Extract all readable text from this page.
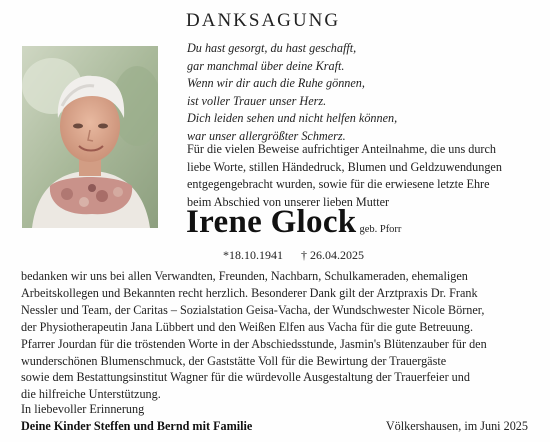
DANKSAGUNG
Du hast gesorgt, du hast geschafft,
gar manchmal über deine Kraft.
Wenn wir dir auch die Ruhe gönnen,
ist voller Trauer unser Herz.
Dich leiden sehen und nicht helfen können,
war unser allergrößter Schmerz.
Für die vielen Beweise aufrichtiger Anteilnahme, die uns durch
liebe Worte, stillen Händedruck, Blumen und Geldzuwendungen
entgegengebracht wurden, sowie für die erwiesene letzte Ehre
beim Abschied von unserer lieben Mutter
Irene Glock geb. Pforr
*18.10.1941 † 26.04.2025
bedanken wir uns bei allen Verwandten, Freunden, Nachbarn, Schulkameraden, ehemaligen
Arbeitskollegen und Bekannten recht herzlich. Besonderer Dank gilt der Arztpraxis Dr. Frank
Nessler und Team, der Caritas – Sozialstation Geisa-Vacha, der Wundschwester Nicole Börner,
der Physiotherapeutin Jana Lübbert und den Weißen Elfen aus Vacha für die gute Betreuung.
Pfarrer Jourdan für die tröstenden Worte in der Abschiedsstunde, Jasmin's Blütenzauber für den
wunderschönen Blumenschmuck, der Gaststätte Voll für die Bewirtung der Trauergäste
sowie dem Bestattungsinstitut Wagner für die würdevolle Ausgestaltung der Trauerfeier und
die hilfreiche Unterstützung.
In liebevoller Erinnerung
Deine Kinder Steffen und Bernd mit Familie	Völkershausen, im Juni 2025
